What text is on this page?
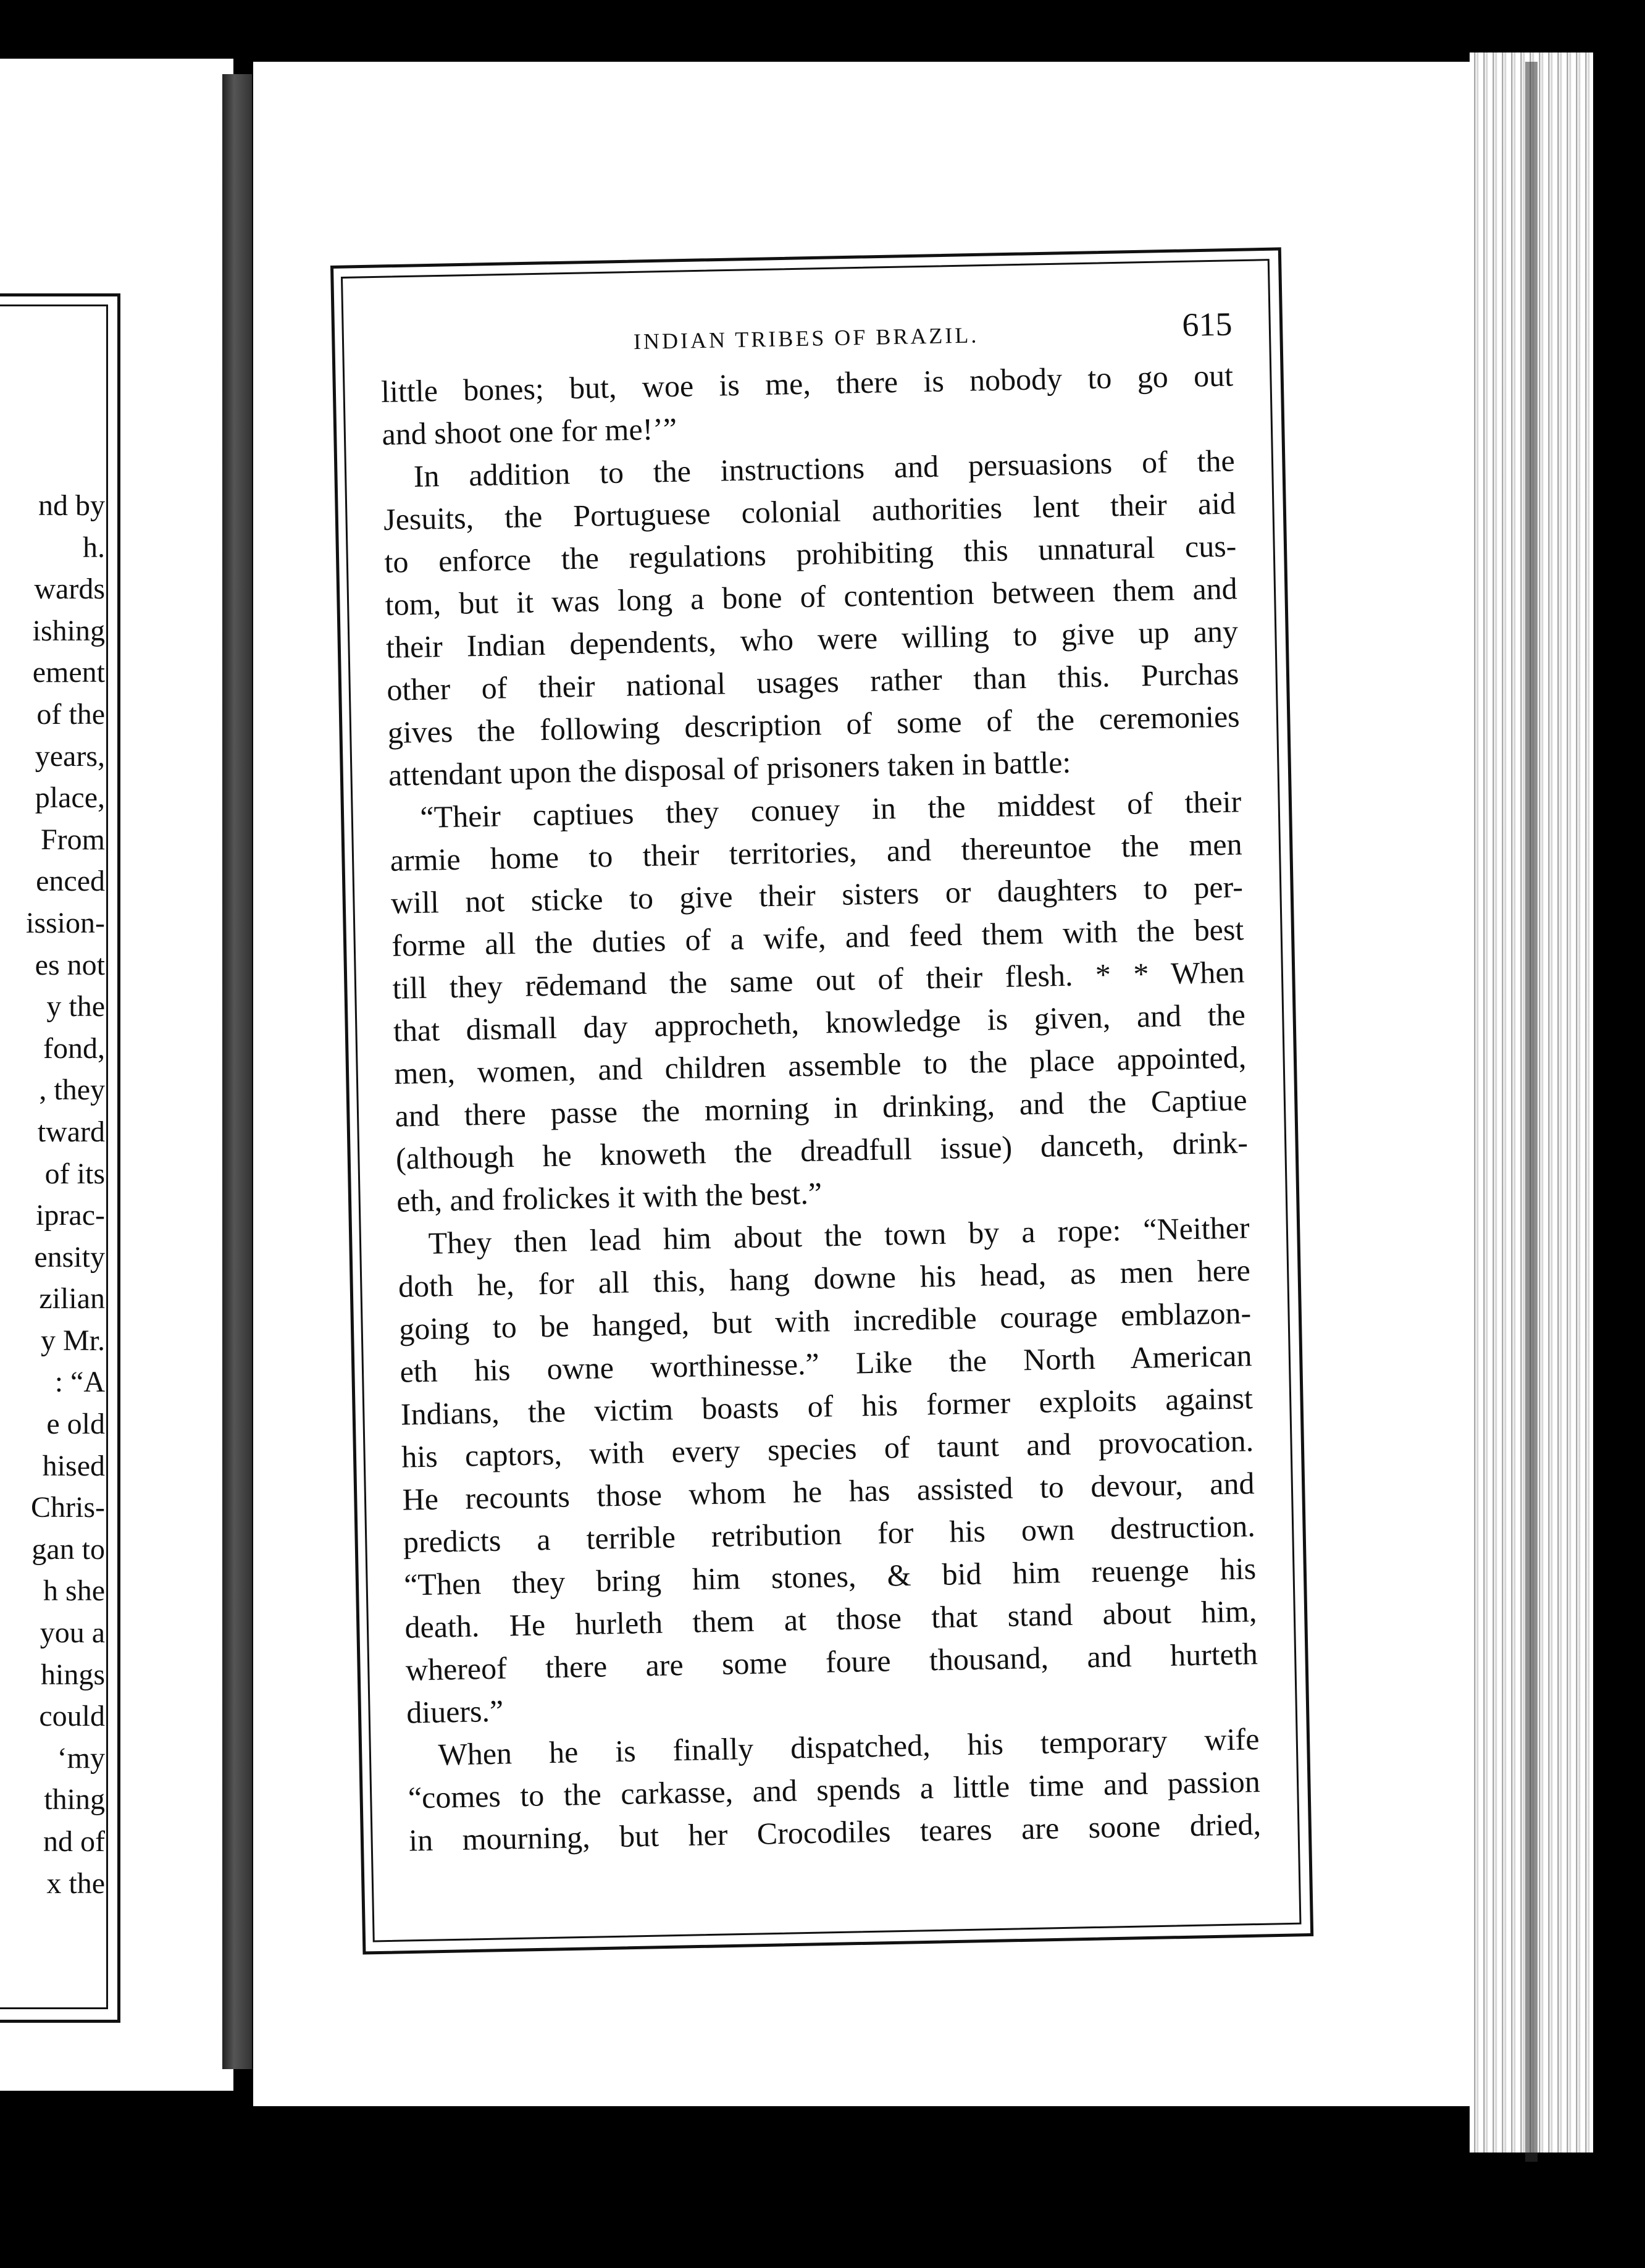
nd by
h.
wards
ishing
ement
of the
years,
place,
From
enced
ission-
es not
y the
fond,
, they
tward
of its
iprac-
ensity
zilian
y Mr.
: “A
e old
hised
Chris-
gan to
h she
you a
hings
could
‘my
thing
nd of
x the
INDIAN TRIBES OF BRAZIL.	615
little bones; but, woe is me, there is nobody to go out
and shoot one for me!’”
In addition to the instructions and persuasions of the
Jesuits, the Portuguese colonial authorities lent their aid
to enforce the regulations prohibiting this unnatural cus-
tom, but it was long a bone of contention between them and
their Indian dependents, who were willing to give up any
other of their national usages rather than this. Purchas
gives the following description of some of the ceremonies
attendant upon the disposal of prisoners taken in battle:
“Their captiues they conuey in the middest of their
armie home to their territories, and thereuntoe the men
will not sticke to give their sisters or daughters to per-
forme all the duties of a wife, and feed them with the best
till they rēdemand the same out of their flesh. * * When
that dismall day approcheth, knowledge is given, and the
men, women, and children assemble to the place appointed,
and there passe the morning in drinking, and the Captiue
(although he knoweth the dreadfull issue) danceth, drink-
eth, and frolickes it with the best.”
They then lead him about the town by a rope: “Neither
doth he, for all this, hang downe his head, as men here
going to be hanged, but with incredible courage emblazon-
eth his owne worthinesse.” Like the North American
Indians, the victim boasts of his former exploits against
his captors, with every species of taunt and provocation.
He recounts those whom he has assisted to devour, and
predicts a terrible retribution for his own destruction.
“Then they bring him stones, & bid him reuenge his
death. He hurleth them at those that stand about him,
whereof there are some foure thousand, and hurteth
diuers.”
When he is finally dispatched, his temporary wife
“comes to the carkasse, and spends a little time and passion
in mourning, but her Crocodiles teares are soone dried,
